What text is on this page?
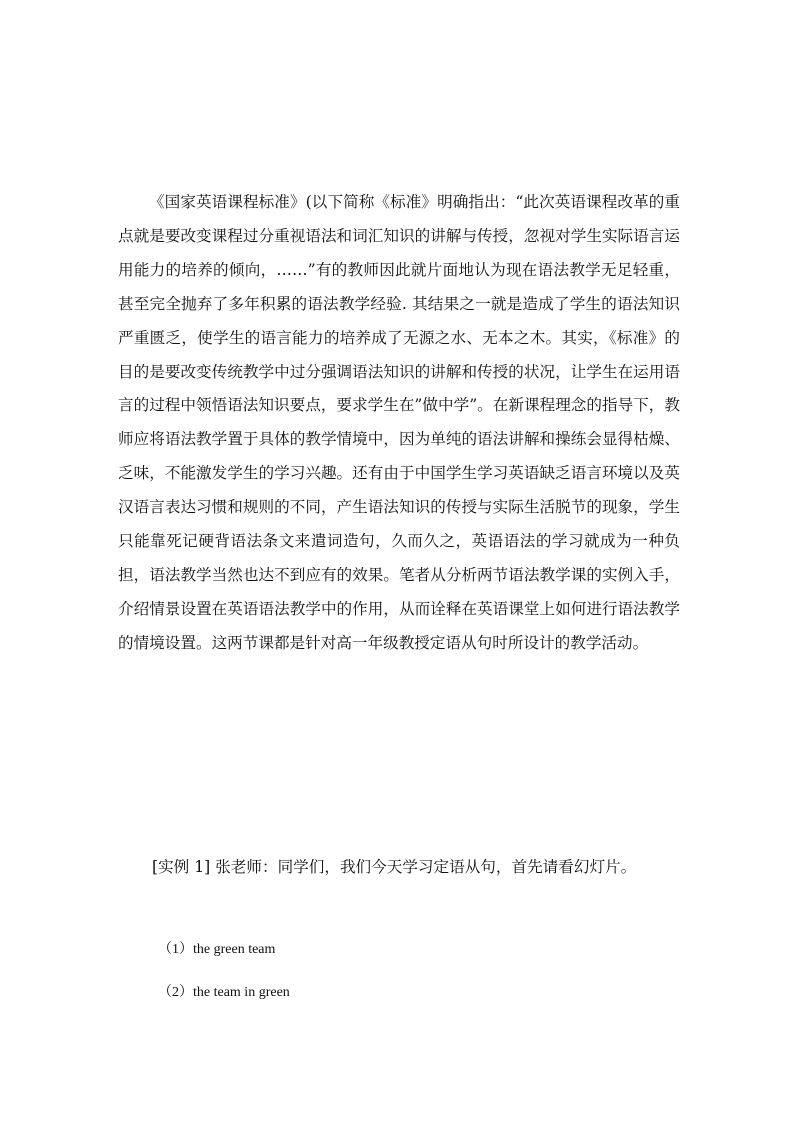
《国家英语课程标准》(以下简称《标准》明确指出：“此次英语课程改革的重点就是要改变课程过分重视语法和词汇知识的讲解与传授，忽视对学生实际语言运用能力的培养的倾向，……”有的教师因此就片面地认为现在语法教学无足轻重，甚至完全抛弃了多年积累的语法教学经验. 其结果之一就是造成了学生的语法知识严重匮乏，使学生的语言能力的培养成了无源之水、无本之木。其实，《标准》的目的是要改变传统教学中过分强调语法知识的讲解和传授的状况，让学生在运用语言的过程中领悟语法知识要点，要求学生在”做中学”。在新课程理念的指导下，教师应将语法教学置于具体的教学情境中，因为单纯的语法讲解和操练会显得枯燥、乏味，不能激发学生的学习兴趣。还有由于中国学生学习英语缺乏语言环境以及英汉语言表达习惯和规则的不同，产生语法知识的传授与实际生活脱节的现象，学生只能靠死记硬背语法条文来遣词造句，久而久之，英语语法的学习就成为一种负担，语法教学当然也达不到应有的效果。笔者从分析两节语法教学课的实例入手，介绍情景设置在英语语法教学中的作用，从而诠释在英语课堂上如何进行语法教学的情境设置。这两节课都是针对高一年级教授定语从句时所设计的教学活动。

[实例 1] 张老师：同学们，我们今天学习定语从句，首先请看幻灯片。

（1）the green team

（2）the team in green
